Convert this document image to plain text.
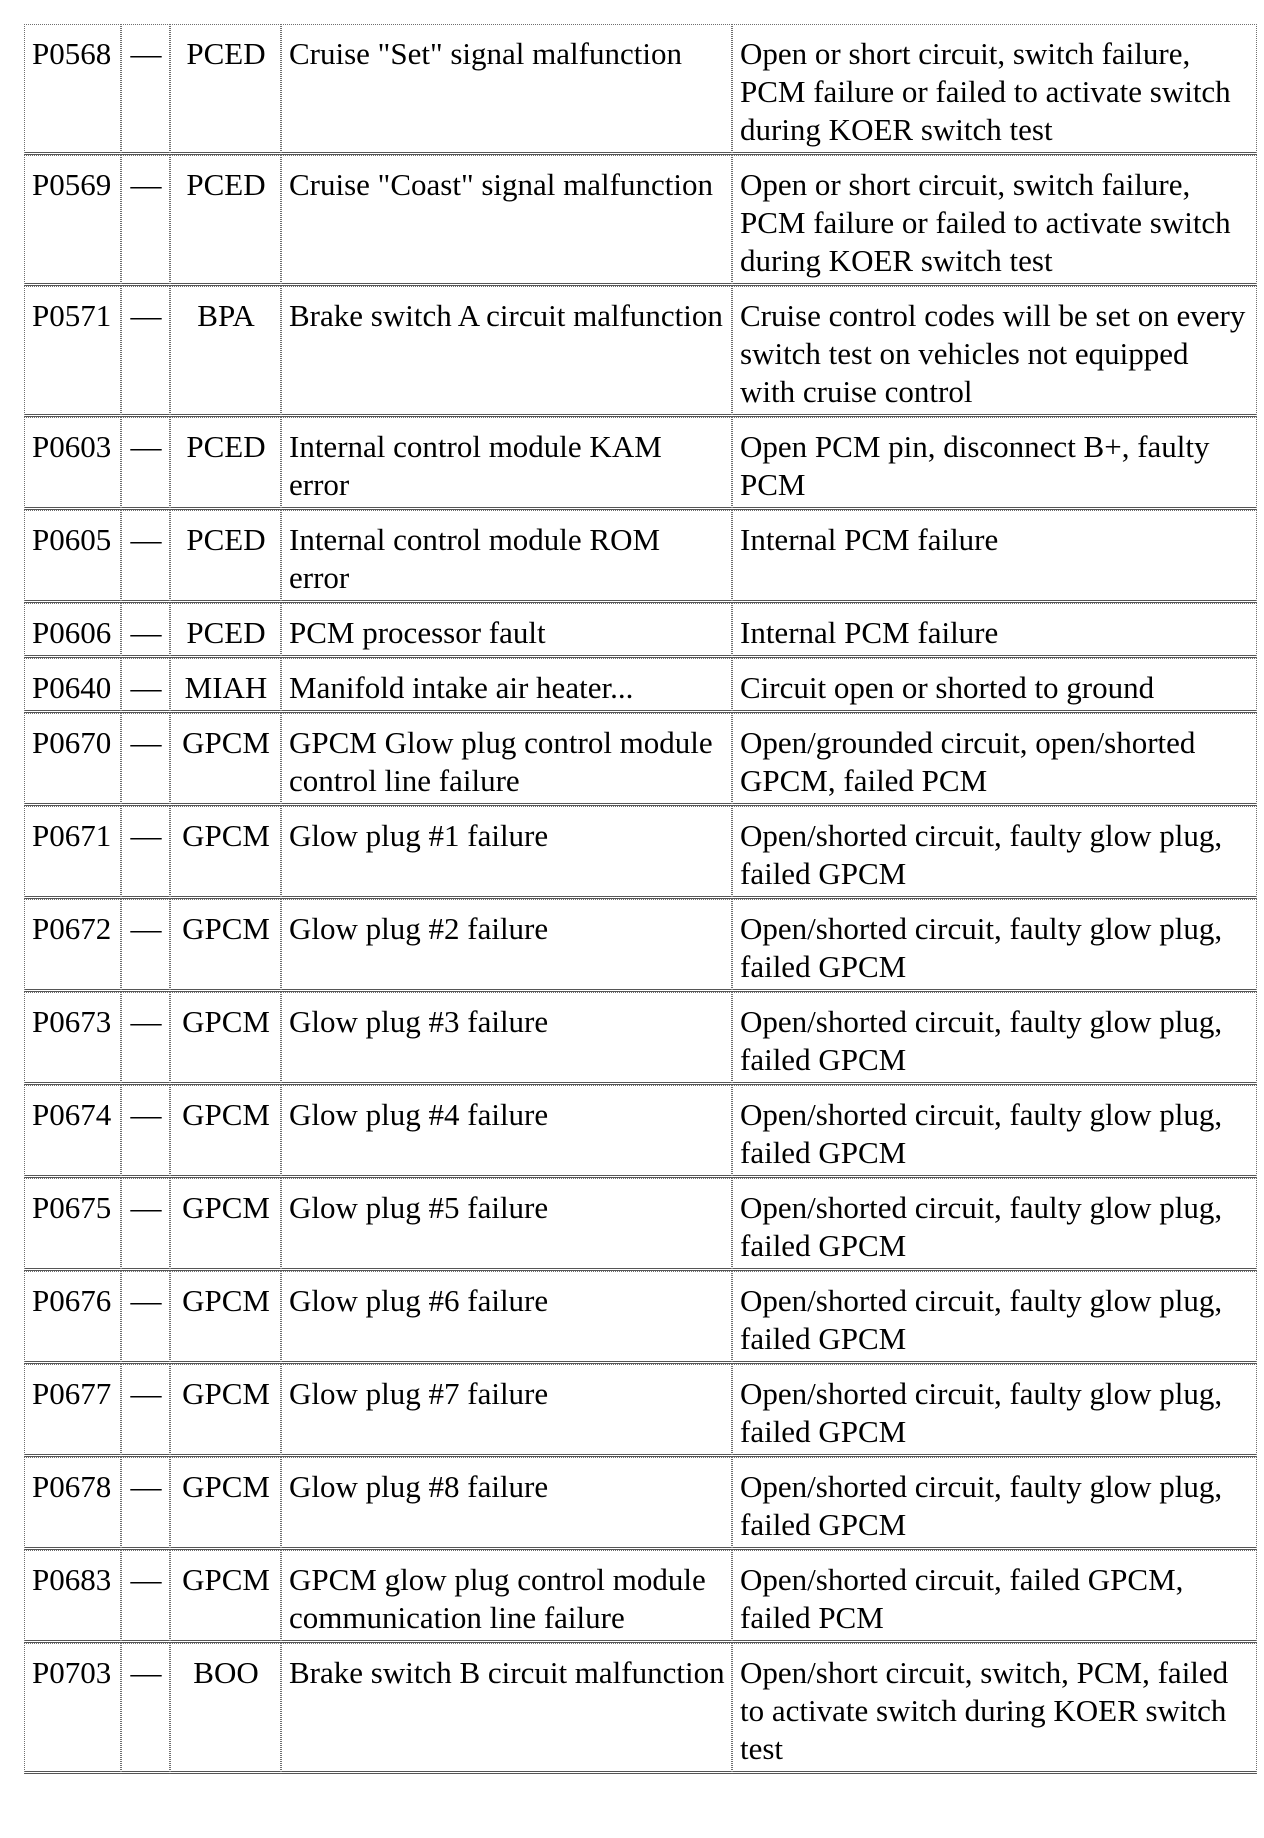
P0568	—	PCED	Cruise "Set" signal malfunction	Open or short circuit, switch failure, PCM failure or failed to activate switch during KOER switch test
P0569	—	PCED	Cruise "Coast" signal malfunction	Open or short circuit, switch failure, PCM failure or failed to activate switch during KOER switch test
P0571	—	BPA	Brake switch A circuit malfunction	Cruise control codes will be set on every switch test on vehicles not equipped with cruise control
P0603	—	PCED	Internal control module KAM error	Open PCM pin, disconnect B+, faulty PCM
P0605	—	PCED	Internal control module ROM error	Internal PCM failure
P0606	—	PCED	PCM processor fault	Internal PCM failure
P0640	—	MIAH	Manifold intake air heater...	Circuit open or shorted to ground
P0670	—	GPCM	GPCM Glow plug control module control line failure	Open/grounded circuit, open/shorted GPCM, failed PCM
P0671	—	GPCM	Glow plug #1 failure	Open/shorted circuit, faulty glow plug, failed GPCM
P0672	—	GPCM	Glow plug #2 failure	Open/shorted circuit, faulty glow plug, failed GPCM
P0673	—	GPCM	Glow plug #3 failure	Open/shorted circuit, faulty glow plug, failed GPCM
P0674	—	GPCM	Glow plug #4 failure	Open/shorted circuit, faulty glow plug, failed GPCM
P0675	—	GPCM	Glow plug #5 failure	Open/shorted circuit, faulty glow plug, failed GPCM
P0676	—	GPCM	Glow plug #6 failure	Open/shorted circuit, faulty glow plug, failed GPCM
P0677	—	GPCM	Glow plug #7 failure	Open/shorted circuit, faulty glow plug, failed GPCM
P0678	—	GPCM	Glow plug #8 failure	Open/shorted circuit, faulty glow plug, failed GPCM
P0683	—	GPCM	GPCM glow plug control module communication line failure	Open/shorted circuit, failed GPCM, failed PCM
P0703	—	BOO	Brake switch B circuit malfunction	Open/short circuit, switch, PCM, failed to activate switch during KOER switch test
